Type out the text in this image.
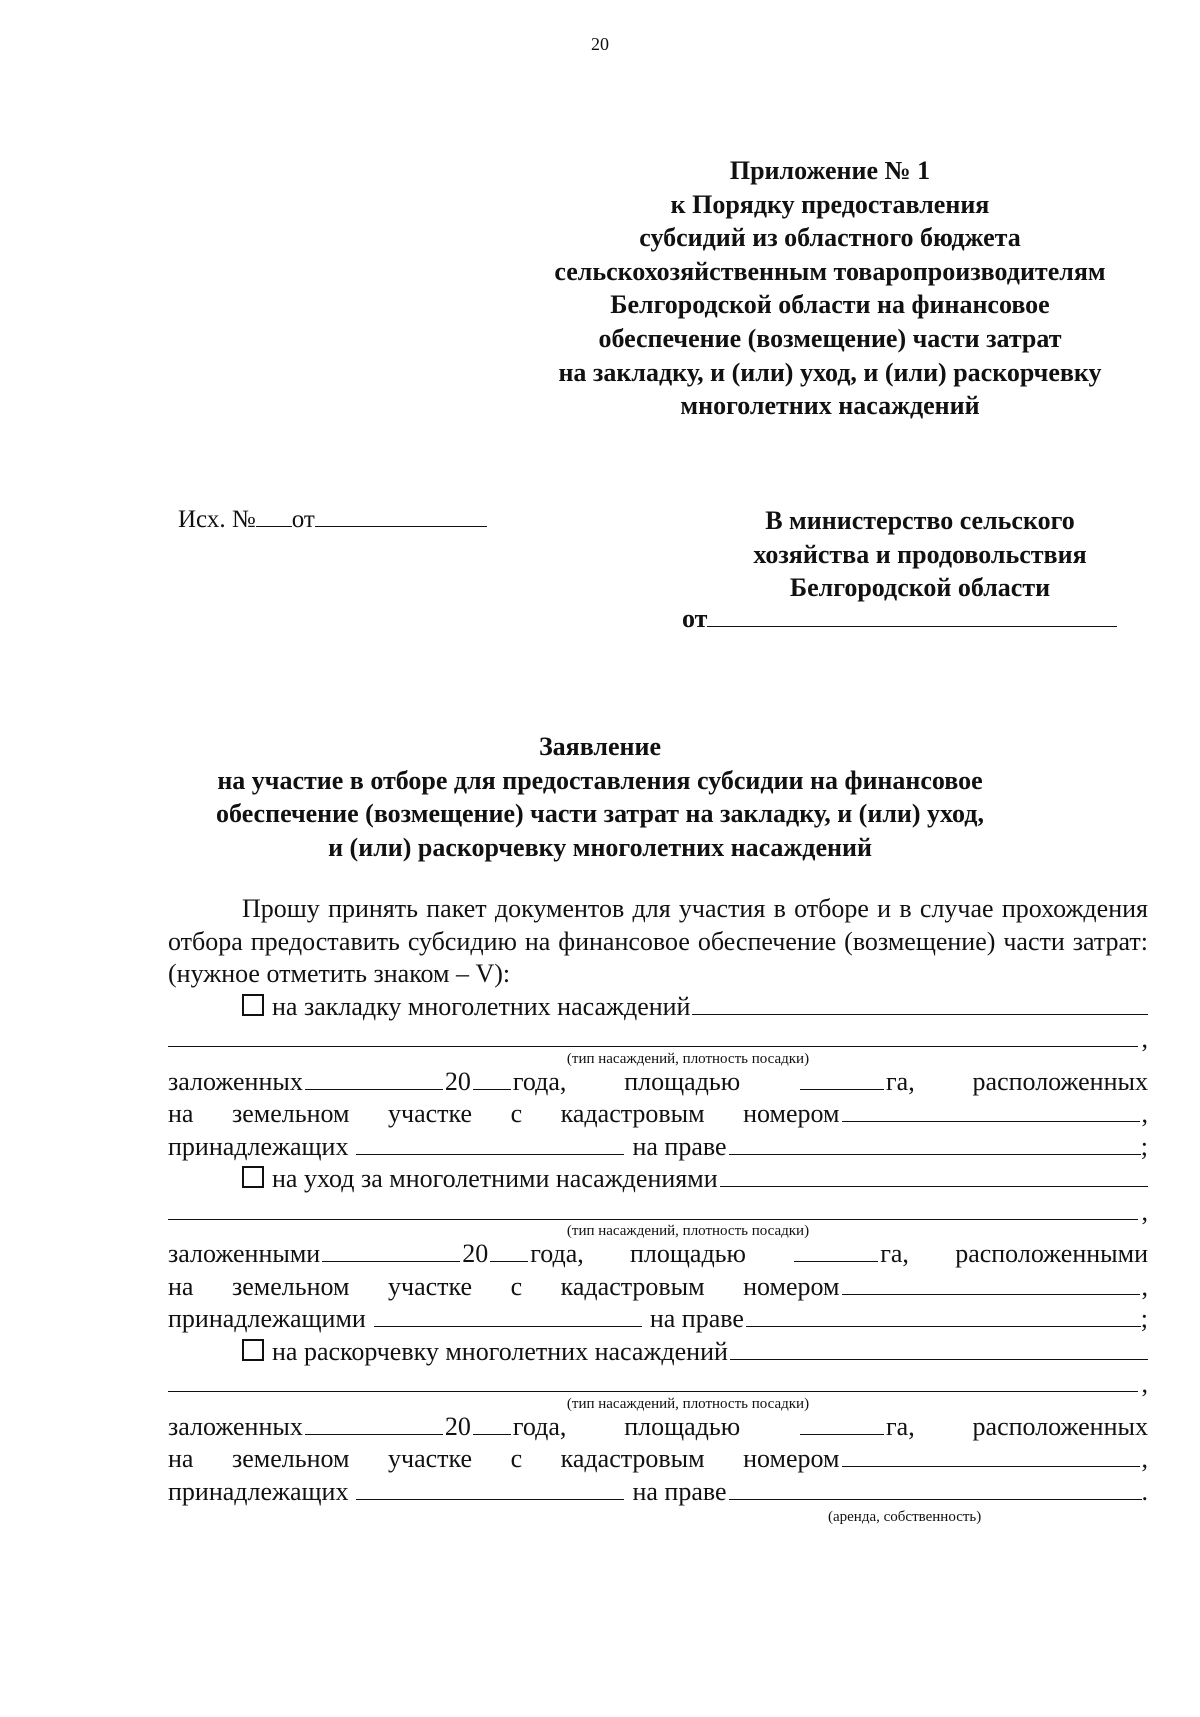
20
Приложение № 1
к Порядку предоставления
субсидий из областного бюджета
сельскохозяйственным товаропроизводителям
Белгородской области на финансовое
обеспечение (возмещение) части затрат
на закладку, и (или) уход, и (или) раскорчевку
многолетних насаждений
Исх. № от	В министерство сельского
хозяйства и продовольствия
Белгородской области
от
Заявление
на участие в отборе для предоставления субсидии на финансовое
обеспечение (возмещение) части затрат на закладку, и (или) уход,
и (или) раскорчевку многолетних насаждений
Прошу принять пакет документов для участия в отборе и в случае прохождения отбора предоставить субсидию на финансовое обеспечение (возмещение) части затрат: (нужное отметить знаком – V):
на закладку многолетних насаждений
,
(тип насаждений, плотность посадки)
заложенных	20 года, площадью	га, расположенных
на земельном участке с кадастровым номером	,
принадлежащих	на праве	;
на уход за многолетними насаждениями
,
(тип насаждений, плотность посадки)
заложенными	20 года, площадью	га, расположенными
на земельном участке с кадастровым номером	,
принадлежащими	на праве	;
на раскорчевку многолетних насаждений
,
(тип насаждений, плотность посадки)
заложенных	20 года, площадью	га, расположенных
на земельном участке с кадастровым номером	,
принадлежащих	на праве	.
(аренда, собственность)
